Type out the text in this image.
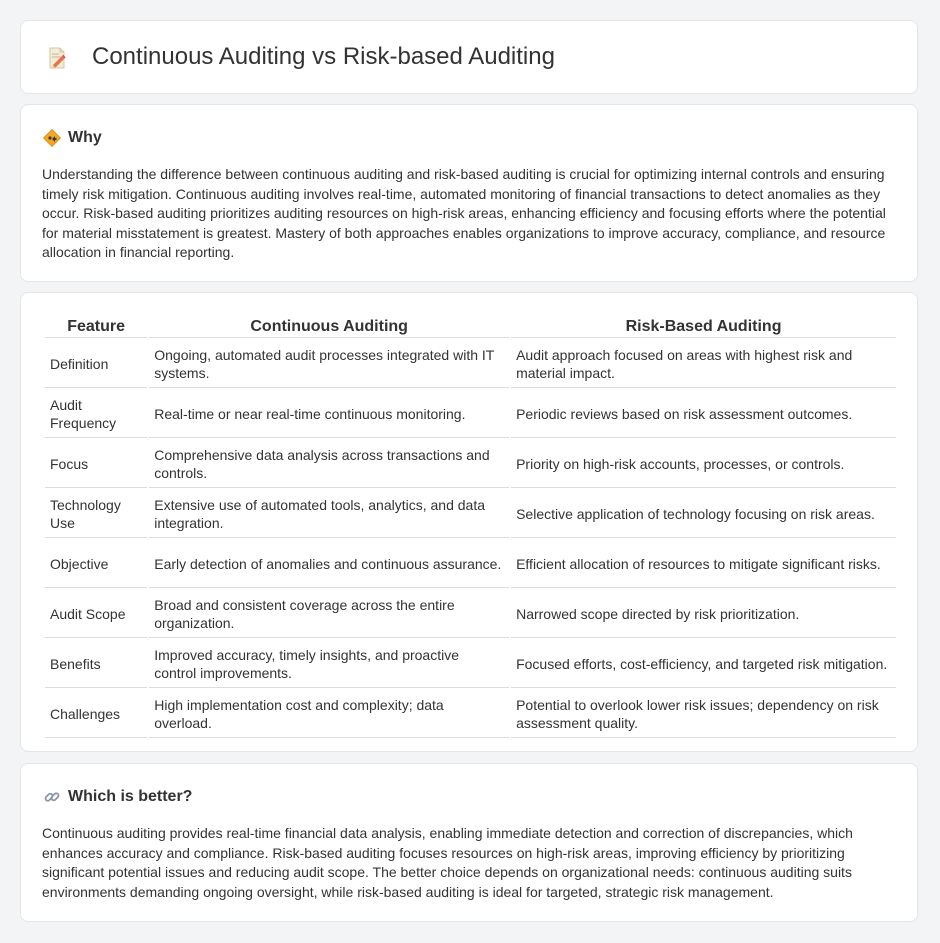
Continuous Auditing vs Risk-based Auditing
Why

Understanding the difference between continuous auditing and risk-based auditing is crucial for optimizing internal controls and ensuring timely risk mitigation. Continuous auditing involves real-time, automated monitoring of financial transactions to detect anomalies as they occur. Risk-based auditing prioritizes auditing resources on high-risk areas, enhancing efficiency and focusing efforts where the potential for material misstatement is greatest. Mastery of both approaches enables organizations to improve accuracy, compliance, and resource allocation in financial reporting.

Feature	Continuous Auditing	Risk-Based Auditing
Definition	Ongoing, automated audit processes integrated with IT systems.	Audit approach focused on areas with highest risk and material impact.
Audit Frequency	Real-time or near real-time continuous monitoring.	Periodic reviews based on risk assessment outcomes.
Focus	Comprehensive data analysis across transactions and controls.	Priority on high-risk accounts, processes, or controls.
Technology Use	Extensive use of automated tools, analytics, and data integration.	Selective application of technology focusing on risk areas.
Objective	Early detection of anomalies and continuous assurance.	Efficient allocation of resources to mitigate significant risks.
Audit Scope	Broad and consistent coverage across the entire organization.	Narrowed scope directed by risk prioritization.
Benefits	Improved accuracy, timely insights, and proactive control improvements.	Focused efforts, cost-efficiency, and targeted risk mitigation.
Challenges	High implementation cost and complexity; data overload.	Potential to overlook lower risk issues; dependency on risk assessment quality.
Which is better?

Continuous auditing provides real-time financial data analysis, enabling immediate detection and correction of discrepancies, which enhances accuracy and compliance. Risk-based auditing focuses resources on high-risk areas, improving efficiency by prioritizing significant potential issues and reducing audit scope. The better choice depends on organizational needs: continuous auditing suits environments demanding ongoing oversight, while risk-based auditing is ideal for targeted, strategic risk management.
